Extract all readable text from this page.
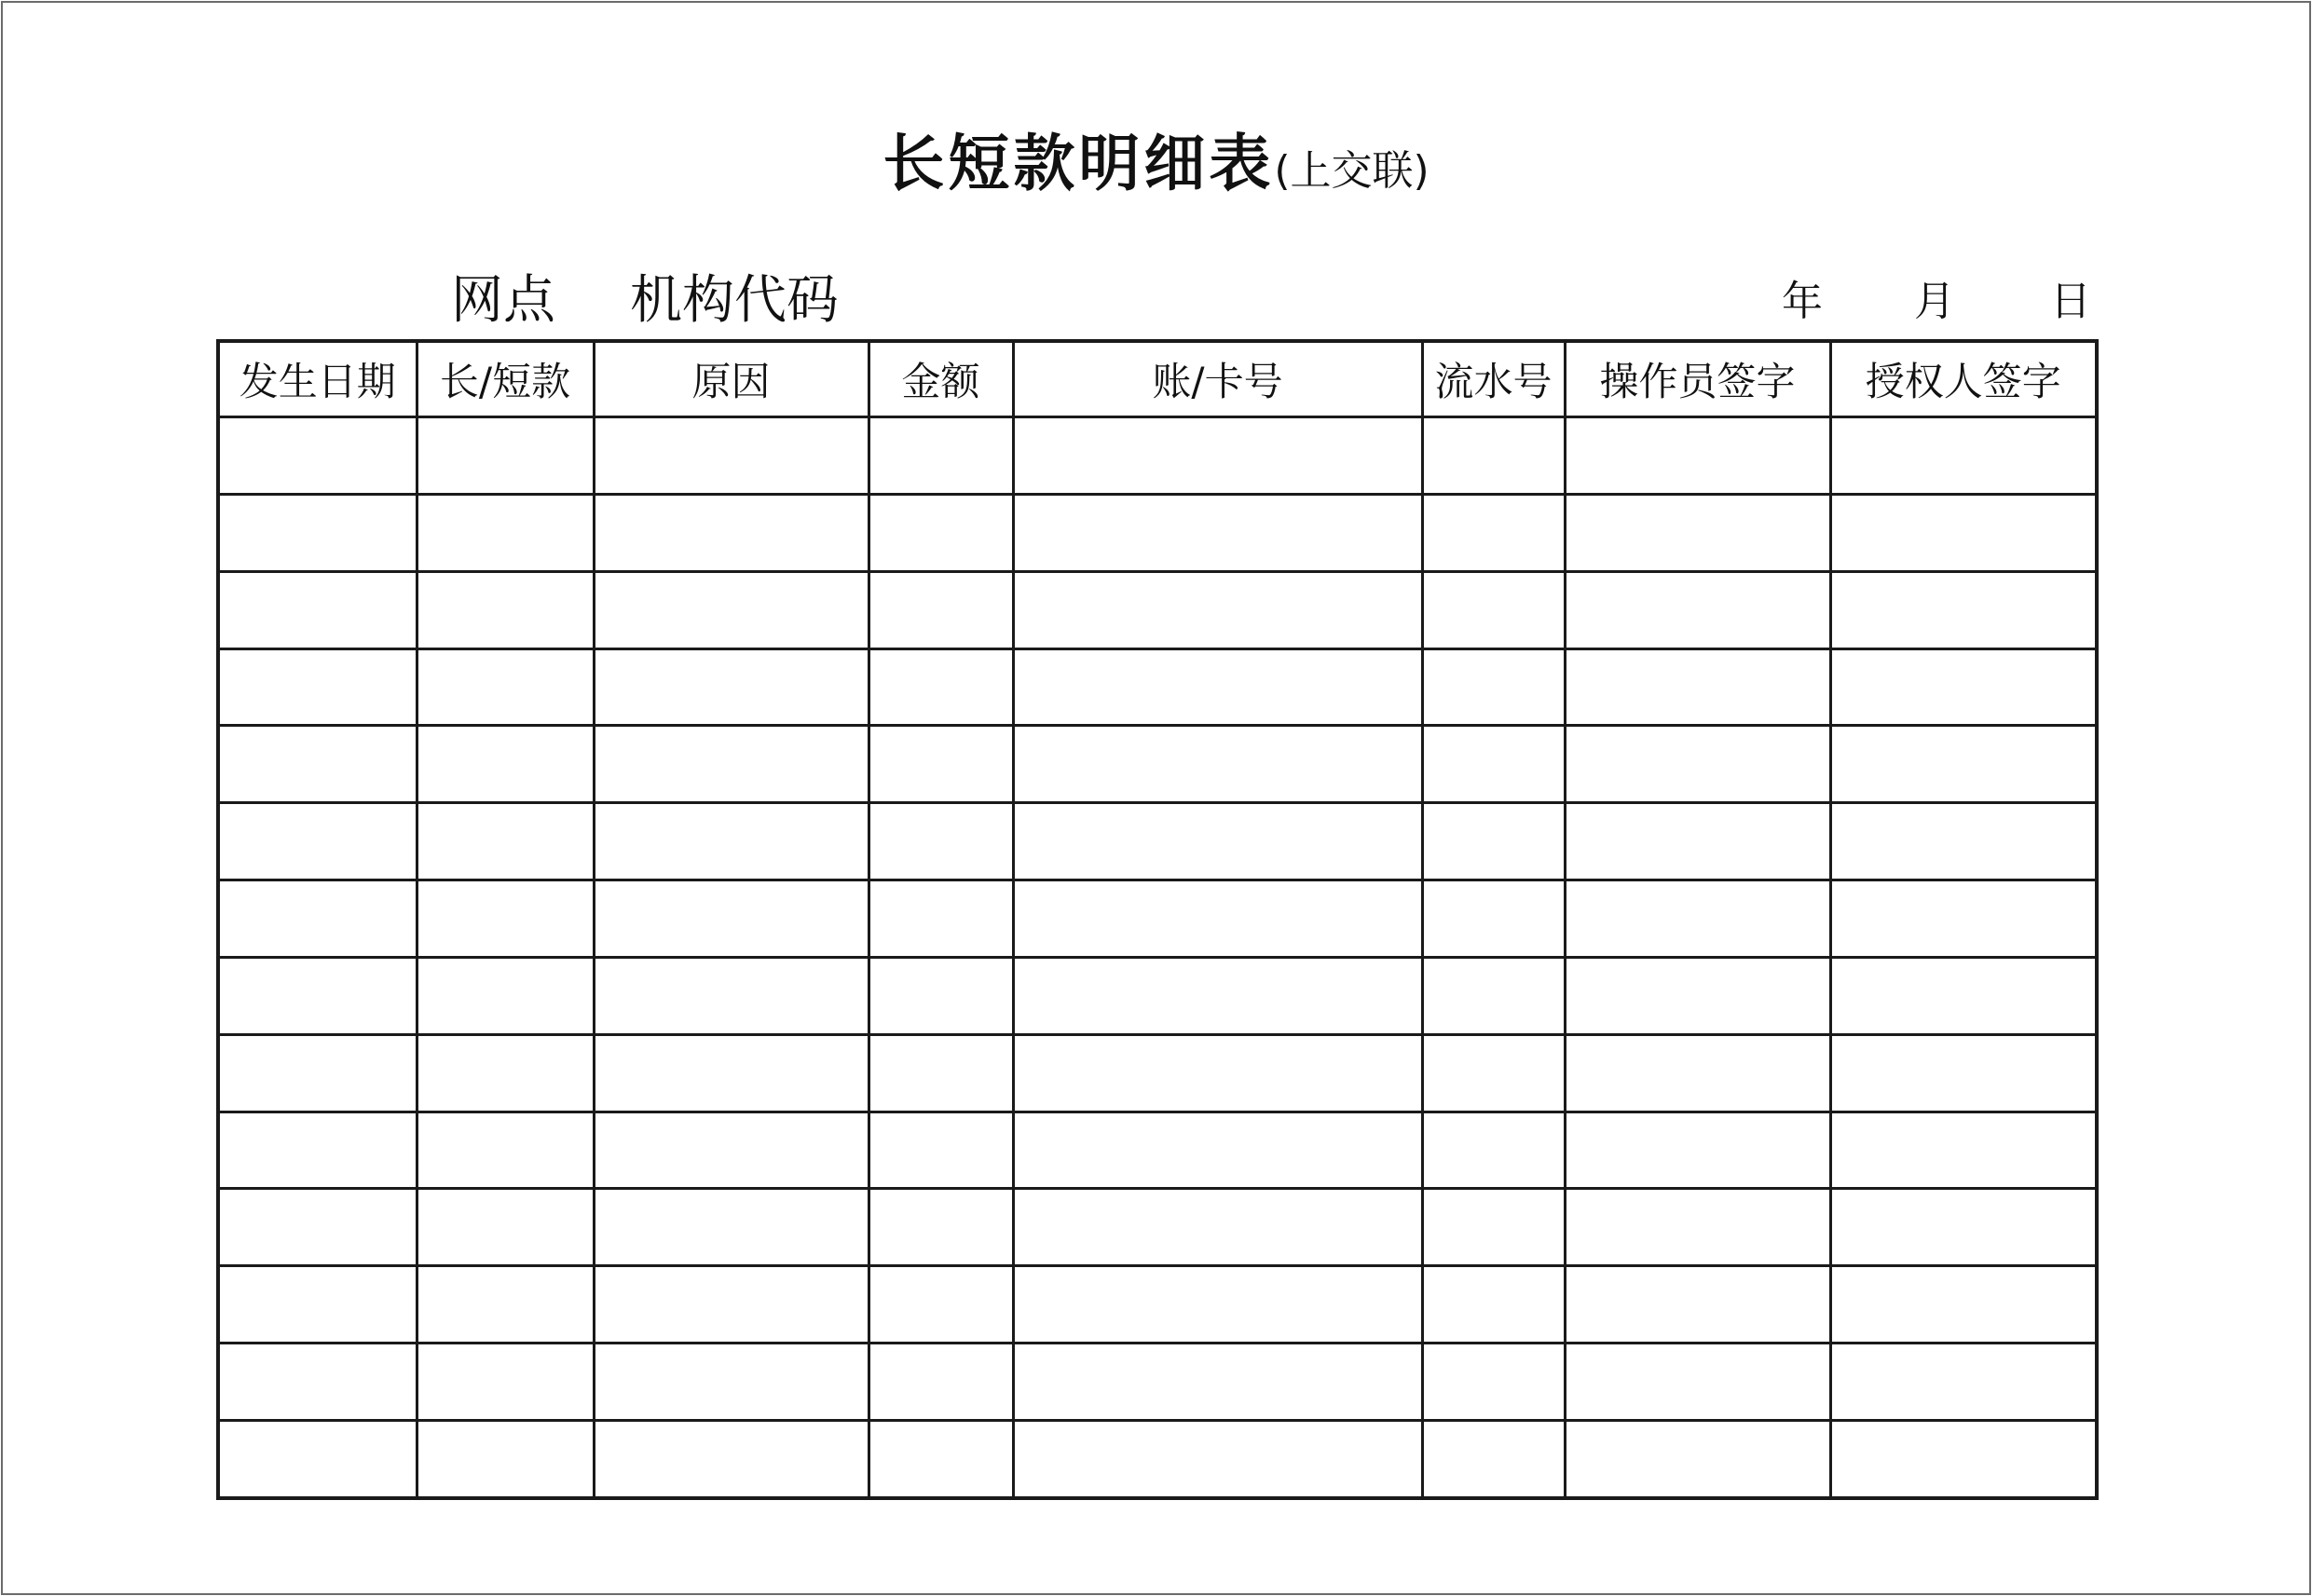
长短款明细表(上交联)
网点 机构代码	年 月 日
发生日期	长/短款	原因	金额	账/卡号	流水号	操作员签字	授权人签字
